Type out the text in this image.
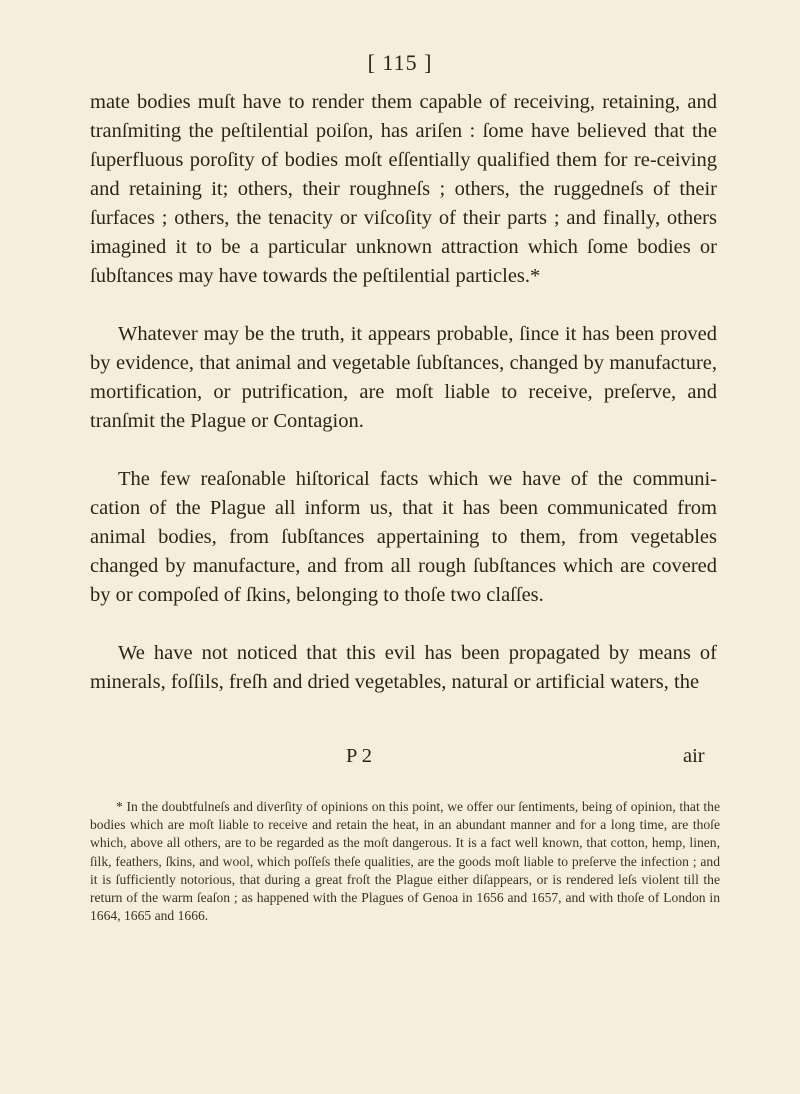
[ 115 ]

mate bodies muſt have to render them capable of receiving, retaining, and tranſmiting the peſtilential poiſon, has ariſen : ſome have believed that the ſuperfluous poroſity of bodies moſt eſſentially qualified them for re-ceiving and retaining it; others, their roughneſs ; others, the ruggedneſs of their ſurfaces ; others, the tenacity or viſcoſity of their parts ; and finally, others imagined it to be a particular unknown attraction which ſome bodies or ſubſtances may have towards the peſtilential particles.*

Whatever may be the truth, it appears probable, ſince it has been proved by evidence, that animal and vegetable ſubſtances, changed by manufacture, mortification, or putrification, are moſt liable to receive, preſerve, and tranſmit the Plague or Contagion.

The few reaſonable hiſtorical facts which we have of the communi-cation of the Plague all inform us, that it has been communicated from animal bodies, from ſubſtances appertaining to them, from vegetables changed by manufacture, and from all rough ſubſtances which are covered by or compoſed of ſkins, belonging to thoſe two claſſes.

We have not noticed that this evil has been propagated by means of minerals, foſſils, freſh and dried vegetables, natural or artificial waters, the

P 2	air

* In the doubtfulneſs and diverſity of opinions on this point, we offer our ſentiments, being of opinion, that the bodies which are moſt liable to receive and retain the heat, in an abundant manner and for a long time, are thoſe which, above all others, are to be regarded as the moſt dangerous. It is a fact well known, that cotton, hemp, linen, ſilk, feathers, ſkins, and wool, which poſſeſs theſe qualities, are the goods moſt liable to preſerve the infection ; and it is ſufficiently notorious, that during a great froſt the Plague either diſappears, or is rendered leſs violent till the return of the warm ſeaſon ; as happened with the Plagues of Genoa in 1656 and 1657, and with thoſe of London in 1664, 1665 and 1666.
